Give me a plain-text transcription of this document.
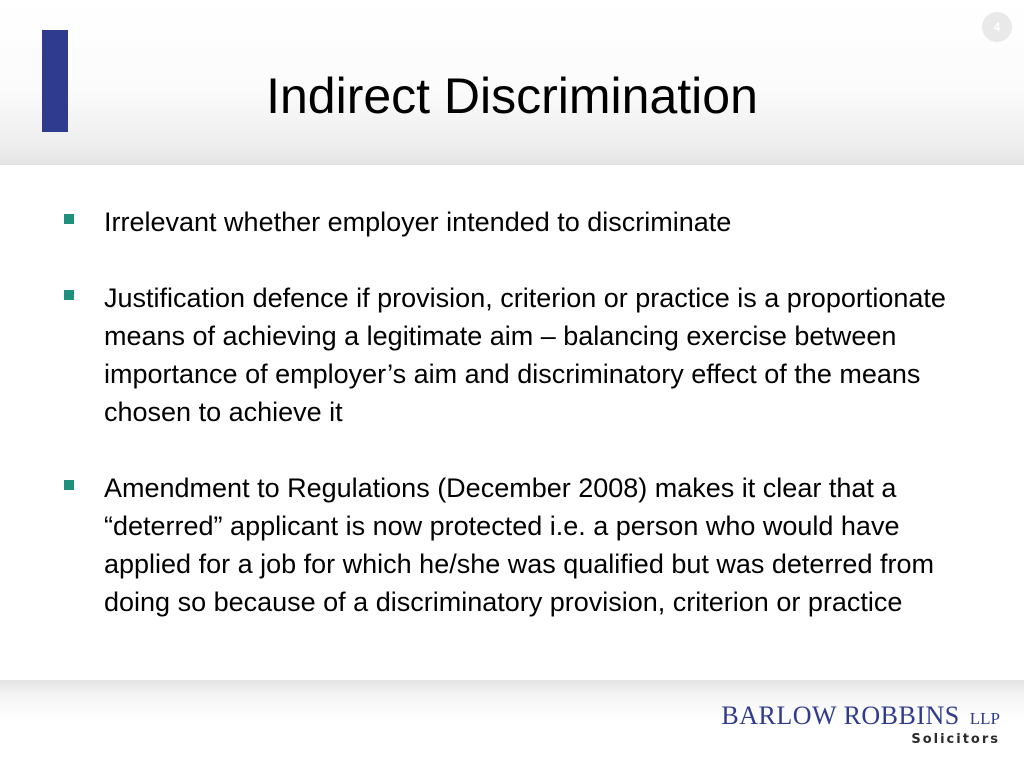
4
Indirect Discrimination
Irrelevant whether employer intended to discriminate
Justification defence if provision, criterion or practice is a proportionate means of achieving a legitimate aim – balancing exercise between importance of employer’s aim and discriminatory effect of the means chosen to achieve it
Amendment to Regulations (December 2008) makes it clear that a “deterred” applicant is now protected i.e. a person who would have applied for a job for which he/she was qualified but was deterred from doing so because of a discriminatory provision, criterion or practice
BARLOW ROBBINS LLP
Solicitors
